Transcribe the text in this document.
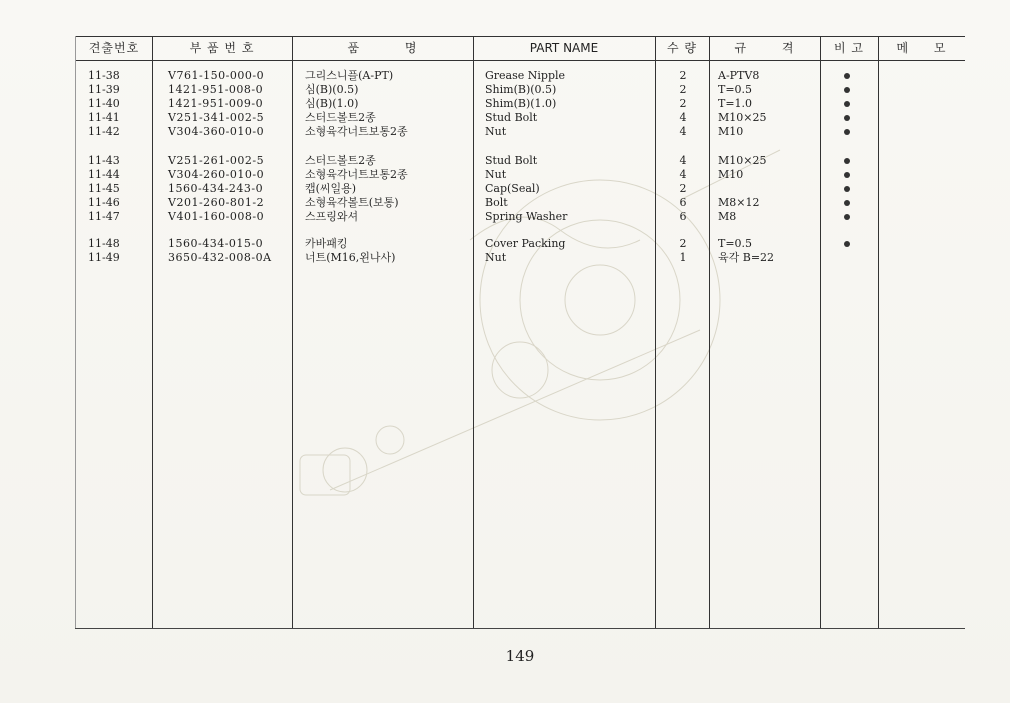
견출번호	부 품 번 호	품 명	PART NAME	수 량	규 격	비 고	메 모
11-38	V761-150-000-0	그리스니플(A-PT)	Grease Nipple	2	A-PTV8
11-39	1421-951-008-0	심(B)(0.5)	Shim(B)(0.5)	2	T=0.5
11-40	1421-951-009-0	심(B)(1.0)	Shim(B)(1.0)	2	T=1.0
11-41	V251-341-002-5	스터드볼트2종	Stud Bolt	4	M10×25
11-42	V304-360-010-0	소형육각너트보통2종	Nut	4	M10
11-43	V251-261-002-5	스터드볼트2종	Stud Bolt	4	M10×25
11-44	V304-260-010-0	소형육각너트보통2종	Nut	4	M10
11-45	1560-434-243-0	캡(씨일용)	Cap(Seal)	2
11-46	V201-260-801-2	소형육각볼트(보통)	Bolt	6	M8×12
11-47	V401-160-008-0	스프링와셔	Spring Washer	6	M8
11-48	1560-434-015-0	카바패킹	Cover Packing	2	T=0.5
11-49	3650-432-008-0A	너트(M16,왼나사)	Nut	1	육각 B=22
149
